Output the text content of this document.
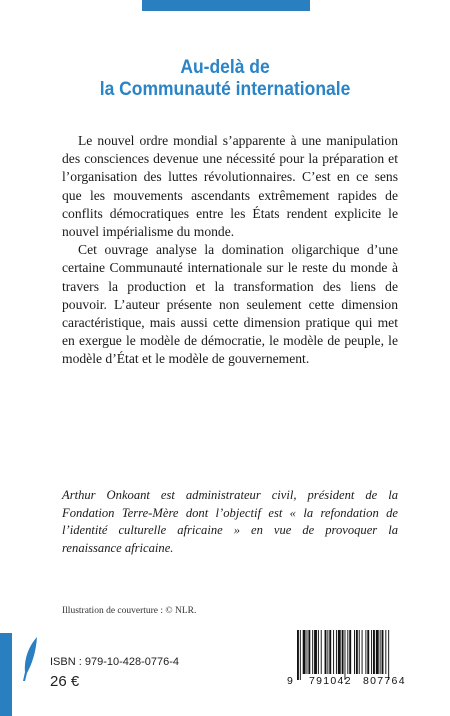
Au-delà de
la Communauté internationale

Le nouvel ordre mondial s’apparente à une manipulation des consciences devenue une nécessité pour la préparation et l’organisation des luttes révolutionnaires. C’est en ce sens que les mouvements ascendants extrêmement rapides de conflits démocratiques entre les États rendent explicite le nouvel impérialisme du monde.

Cet ouvrage analyse la domination oligarchique d’une certaine Communauté internationale sur le reste du monde à travers la production et la transformation des liens de pouvoir. L’auteur présente non seulement cette dimension caractéristique, mais aussi cette dimension pratique qui met en exergue le modèle de démocratie, le modèle de peuple, le modèle d’État et le modèle de gouvernement.

Arthur Onkoant est administrateur civil, président de la Fondation Terre-Mère dont l’objectif est « la refondation de l’identité culturelle africaine » en vue de provoquer la renaissance africaine.
Illustration de couverture : © NLR.
ISBN : 979-10-428-0776-4
26 €	9 791042 807764
